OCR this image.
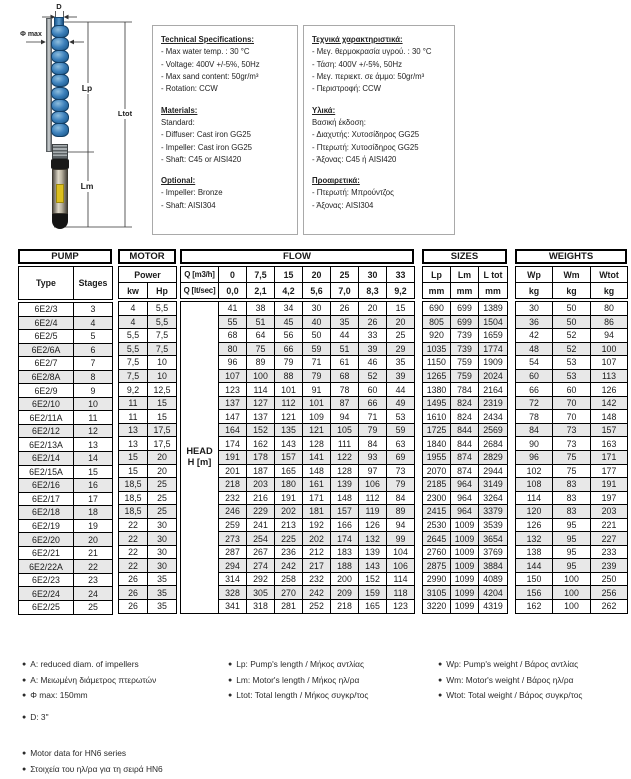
D
Φ max
Lp
Lm
Ltot
Technical Specifications:
- Max water temp. : 30 °C
- Voltage: 400V +/-5%, 50Hz
- Max sand content: 50gr/m³
- Rotation: CCW
Materials:
Standard:
- Diffuser: Cast iron GG25
- Impeller: Cast iron GG25
- Shaft: C45 or AISI420
Optional:
- Impeller: Bronze
- Shaft: AISI304
Τεχνικά χαρακτηριστικά:
- Μεγ. θερμοκρασία υγρού. : 30 °C
- Τάση: 400V +/-5%, 50Hz
- Μεγ. περιεκτ. σε άμμο: 50gr/m³
- Περιστροφή: CCW
Υλικά:
Βασική έκδοση:
- Διαχυτής: Χυτοσίδηρος GG25
- Πτερωτή: Χυτοσίδηρος GG25
- Άξονας: C45 ή AISI420
Προαιρετικά:
- Πτερωτή: Μπρούντζος
- Άξονας: AISI304
PUMP
Type	Stages
6E2/3	3
6E2/4	4
6E2/5	5
6E2/6A	6
6E2/7	7
6E2/8A	8
6E2/9	9
6E2/10	10
6E2/11A	11
6E2/12	12
6E2/13A	13
6E2/14	14
6E2/15A	15
6E2/16	16
6E2/17	17
6E2/18	18
6E2/19	19
6E2/20	20
6E2/21	21
6E2/22A	22
6E2/23	23
6E2/24	24
6E2/25	25
MOTOR
Power
kw	Hp
4	5,5
4	5,5
5,5	7,5
5,5	7,5
7,5	10
7,5	10
9,2	12,5
11	15
11	15
13	17,5
13	17,5
15	20
15	20
18,5	25
18,5	25
18,5	25
22	30
22	30
22	30
22	30
26	35
26	35
26	35
FLOW
Q [m3/h]	0	7,5	15	20	25	30	33
Q [lt/sec]	0,0	2,1	4,2	5,6	7,0	8,3	9,2
HEAD
H [m]	41	38	34	30	26	20	15
	55	51	45	40	35	26	20
	68	64	56	50	44	33	25
	80	75	66	59	51	39	29
	96	89	79	71	61	46	35
	107	100	88	79	68	52	39
	123	114	101	91	78	60	44
	137	127	112	101	87	66	49
	147	137	121	109	94	71	53
	164	152	135	121	105	79	59
	174	162	143	128	111	84	63
	191	178	157	141	122	93	69
	201	187	165	148	128	97	73
	218	203	180	161	139	106	79
	232	216	191	171	148	112	84
	246	229	202	181	157	119	89
	259	241	213	192	166	126	94
	273	254	225	202	174	132	99
	287	267	236	212	183	139	104
	294	274	242	217	188	143	106
	314	292	258	232	200	152	114
	328	305	270	242	209	159	118
	341	318	281	252	218	165	123
SIZES
Lp	Lm	L tot
mm	mm	mm
690	699	1389
805	699	1504
920	739	1659
1035	739	1774
1150	759	1909
1265	759	2024
1380	784	2164
1495	824	2319
1610	824	2434
1725	844	2569
1840	844	2684
1955	874	2829
2070	874	2944
2185	964	3149
2300	964	3264
2415	964	3379
2530	1009	3539
2645	1009	3654
2760	1009	3769
2875	1009	3884
2990	1099	4089
3105	1099	4204
3220	1099	4319
WEIGHTS
Wp	Wm	Wtot
kg	kg	kg
30	50	80
36	50	86
42	52	94
48	52	100
54	53	107
60	53	113
66	60	126
72	70	142
78	70	148
84	73	157
90	73	163
96	75	171
102	75	177
108	83	191
114	83	197
120	83	203
126	95	221
132	95	227
138	95	233
144	95	239
150	100	250
156	100	256
162	100	262
● A: reduced diam. of impellers
● A: Μειωμένη διάμετρος πτερωτών
● Φ max: 150mm
● Lp: Pump's length / Μήκος αντλίας
● Lm: Motor's length / Μήκος ηλ/ρα
● Ltot: Total length / Μήκος συγκρ/τος
● Wp: Pump's weight / Βάρος αντλίας
● Wm: Motor's weight / Βάρος ηλ/ρα
● Wtot: Total weight / Βάρος συγκρ/τος
● D: 3"
● Motor data for HN6 series
● Στοιχεία του ηλ/ρα για τη σειρά HN6
